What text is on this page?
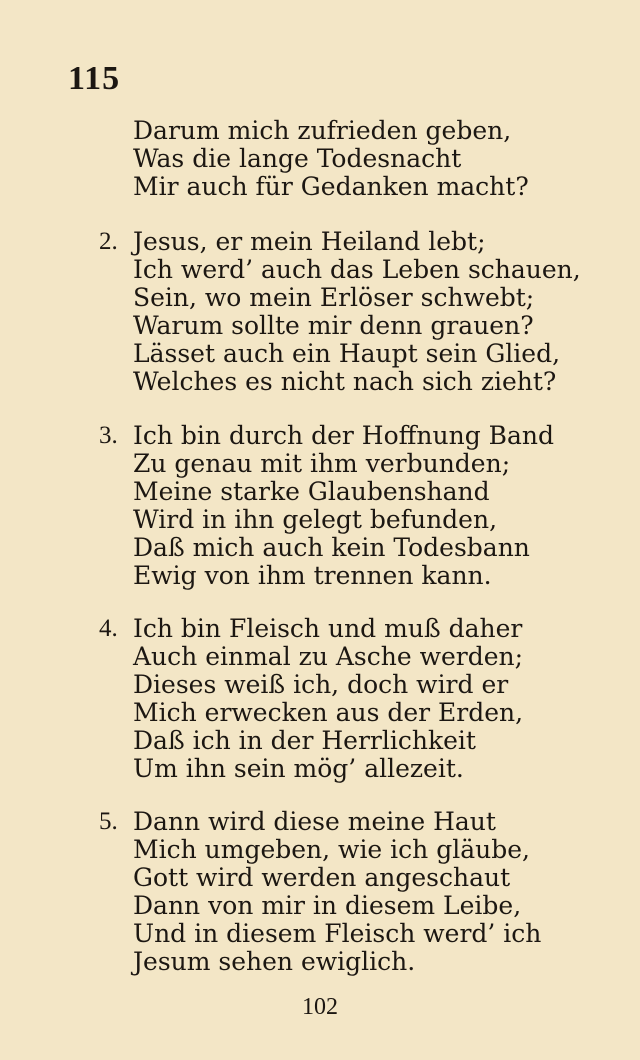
115
Darum mich zufrieden geben,
Was die lange Todesnacht
Mir auch für Gedanken macht?
2. Jesus, er mein Heiland lebt;
Ich werd’ auch das Leben schauen,
Sein, wo mein Erlöser schwebt;
Warum sollte mir denn grauen?
Lässet auch ein Haupt sein Glied,
Welches es nicht nach sich zieht?
3. Ich bin durch der Hoffnung Band
Zu genau mit ihm verbunden;
Meine starke Glaubenshand
Wird in ihn gelegt befunden,
Daß mich auch kein Todesbann
Ewig von ihm trennen kann.
4. Ich bin Fleisch und muß daher
Auch einmal zu Asche werden;
Dieses weiß ich, doch wird er
Mich erwecken aus der Erden,
Daß ich in der Herrlichkeit
Um ihn sein mög’ allezeit.
5. Dann wird diese meine Haut
Mich umgeben, wie ich gläube,
Gott wird werden angeschaut
Dann von mir in diesem Leibe,
Und in diesem Fleisch werd’ ich
Jesum sehen ewiglich.
102
